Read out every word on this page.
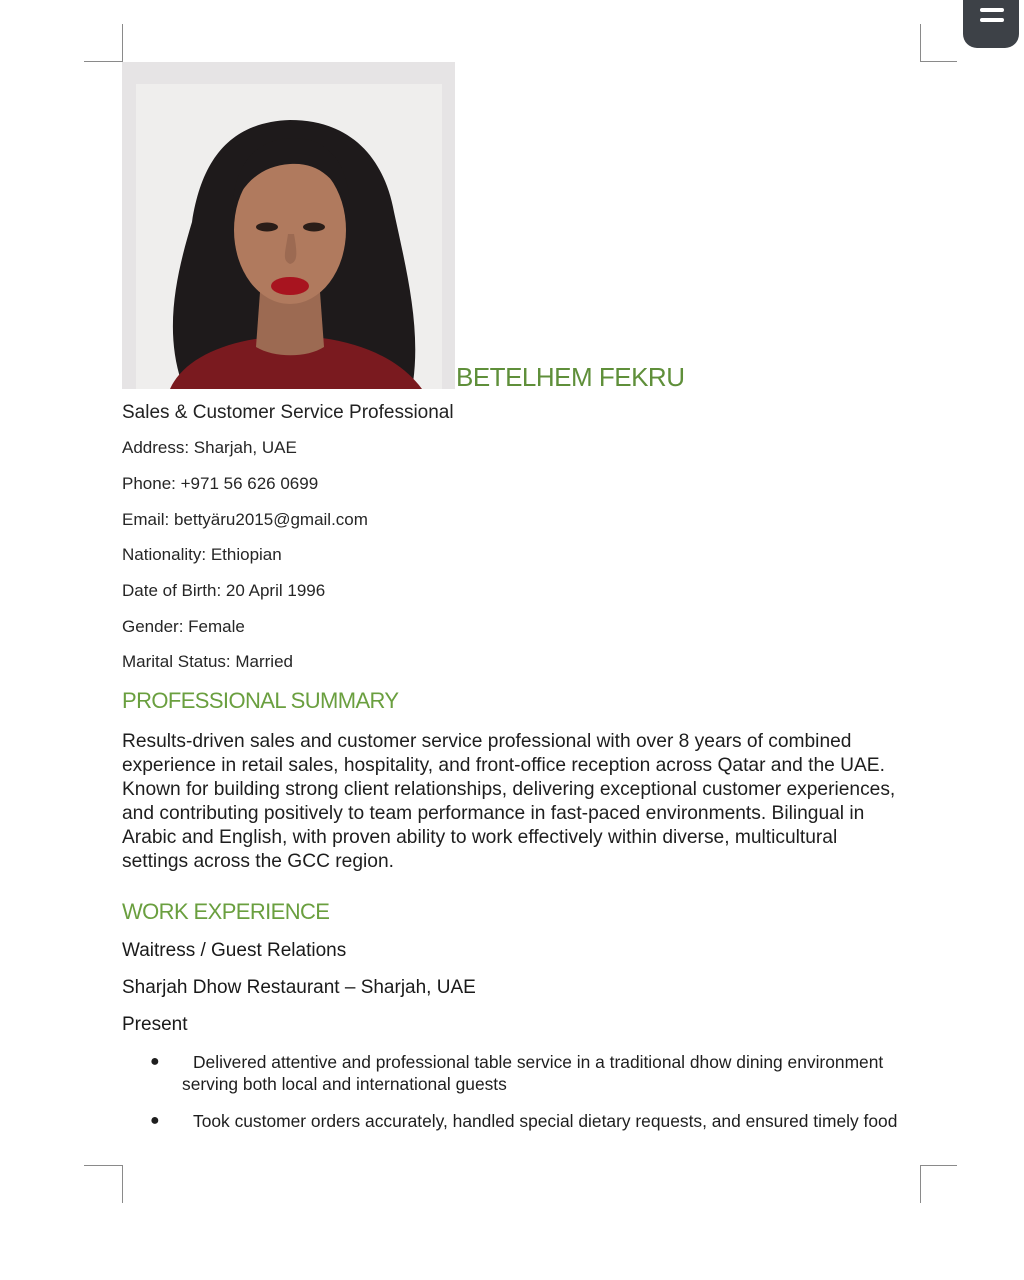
BETELHEM FEKRU
Sales & Customer Service Professional
Address: Sharjah, UAE
Phone: +971 56 626 0699
Email: bettyäru2015@gmail.com
Nationality: Ethiopian
Date of Birth: 20 April 1996
Gender: Female
Marital Status: Married
PROFESSIONAL SUMMARY
Results-driven sales and customer service professional with over 8 years of combined experience in retail sales, hospitality, and front-office reception across Qatar and the UAE. Known for building strong client relationships, delivering exceptional customer experiences, and contributing positively to team performance in fast-paced environments. Bilingual in Arabic and English, with proven ability to work effectively within diverse, multicultural settings across the GCC region.
WORK EXPERIENCE
Waitress / Guest Relations
Sharjah Dhow Restaurant – Sharjah, UAE
Present
●	Delivered attentive and professional table service in a traditional dhow dining environment serving both local and international guests
●	Took customer orders accurately, handled special dietary requests, and ensured timely food
